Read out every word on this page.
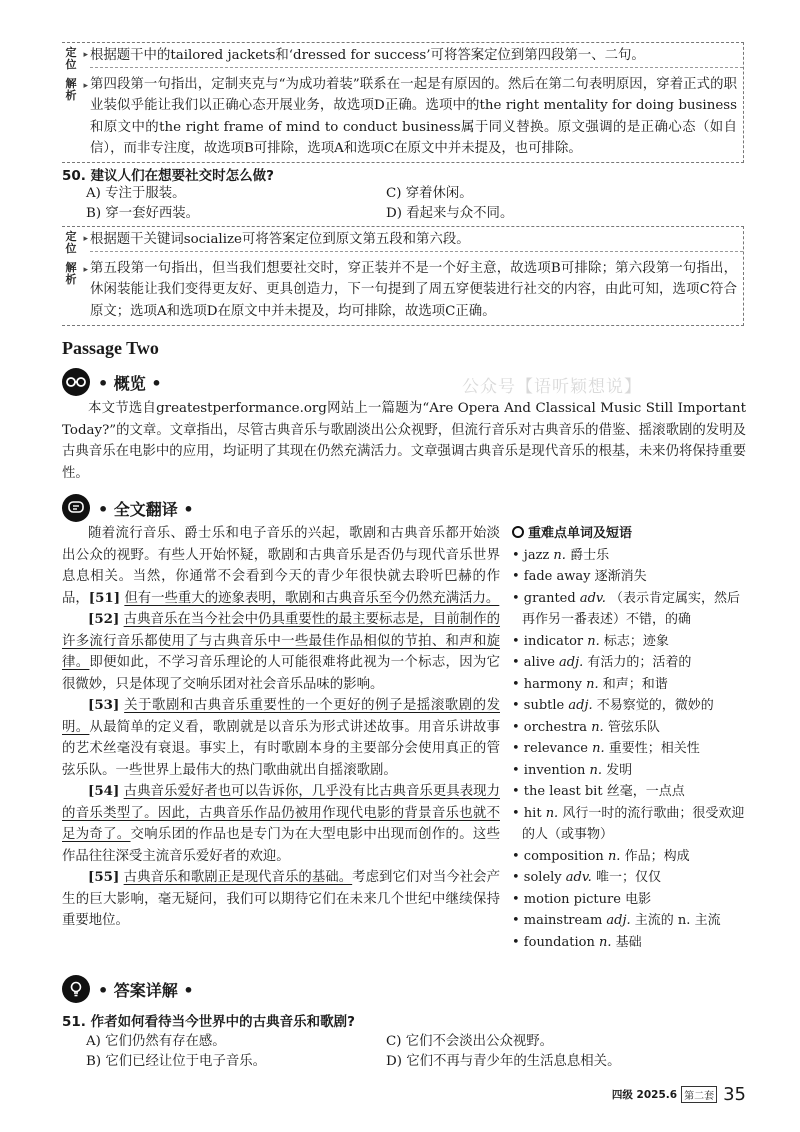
▸ 定位
根据题干中的tailored jackets和‘dressed for success’可将答案定位到第四段第一、二句。
▸ 解析
第四段第一句指出，定制夹克与“为成功着装”联系在一起是有原因的。然后在第二句表明原因，穿着正式的职业装似乎能让我们以正确心态开展业务，故选项D正确。选项中的the right mentality for doing business和原文中的the right frame of mind to conduct business属于同义替换。原文强调的是正确心态（如自信），而非专注度，故选项B可排除，选项A和选项C在原文中并未提及，也可排除。
50. 建议人们在想要社交时怎么做?
A) 专注于服装。	C) 穿着休闲。
B) 穿一套好西装。	D) 看起来与众不同。
▸ 定位
根据题干关键词socialize可将答案定位到原文第五段和第六段。
▸ 解析
第五段第一句指出，但当我们想要社交时，穿正装并不是一个好主意，故选项B可排除；第六段第一句指出，休闲装能让我们变得更友好、更具创造力，下一句提到了周五穿便装进行社交的内容，由此可知，选项C符合原文；选项A和选项D在原文中并未提及，均可排除，故选项C正确。
Passage Two
• 概览 •	公众号【语听颖想说】
本文节选自greatestperformance.org网站上一篇题为“Are Opera And Classical Music Still Important Today?”的文章。文章指出，尽管古典音乐与歌剧淡出公众视野，但流行音乐对古典音乐的借鉴、摇滚歌剧的发明及古典音乐在电影中的应用，均证明了其现在仍然充满活力。文章强调古典音乐是现代音乐的根基，未来仍将保持重要性。
• 全文翻译 •

随着流行音乐、爵士乐和电子音乐的兴起，歌剧和古典音乐都开始淡出公众的视野。有些人开始怀疑，歌剧和古典音乐是否仍与现代音乐世界息息相关。当然，你通常不会看到今天的青少年很快就去聆听巴赫的作品，[51] 但有一些重大的迹象表明，歌剧和古典音乐至今仍然充满活力。

[52] 古典音乐在当今社会中仍具重要性的最主要标志是，目前制作的许多流行音乐都使用了与古典音乐中一些最佳作品相似的节拍、和声和旋律。即便如此，不学习音乐理论的人可能很难将此视为一个标志，因为它很微妙，只是体现了交响乐团对社会音乐品味的影响。

[53] 关于歌剧和古典音乐重要性的一个更好的例子是摇滚歌剧的发明。从最简单的定义看，歌剧就是以音乐为形式讲述故事。用音乐讲故事的艺术丝毫没有衰退。事实上，有时歌剧本身的主要部分会使用真正的管弦乐队。一些世界上最伟大的热门歌曲就出自摇滚歌剧。

[54] 古典音乐爱好者也可以告诉你，几乎没有比古典音乐更具表现力的音乐类型了。因此，古典音乐作品仍被用作现代电影的背景音乐也就不足为奇了。交响乐团的作品也是专门为在大型电影中出现而创作的。这些作品往往深受主流音乐爱好者的欢迎。

[55] 古典音乐和歌剧正是现代音乐的基础。考虑到它们对当今社会产生的巨大影响，毫无疑问，我们可以期待它们在未来几个世纪中继续保持重要地位。

重难点单词及短语
• jazz n. 爵士乐
• fade away 逐渐消失
• granted adv. （表示肯定属实，然后再作另一番表述）不错，的确
• indicator n. 标志；迹象
• alive adj. 有活力的；活着的
• harmony n. 和声；和谐
• subtle adj. 不易察觉的，微妙的
• orchestra n. 管弦乐队
• relevance n. 重要性；相关性
• invention n. 发明
• the least bit 丝毫，一点点
• hit n. 风行一时的流行歌曲；很受欢迎的人（或事物）
• composition n. 作品；构成
• solely adv. 唯一；仅仅
• motion picture 电影
• mainstream adj. 主流的 n. 主流
• foundation n. 基础
• 答案详解 •
51. 作者如何看待当今世界中的古典音乐和歌剧?
A) 它们仍然有存在感。	C) 它们不会淡出公众视野。
B) 它们已经让位于电子音乐。	D) 它们不再与青少年的生活息息相关。
四级 2025.6 第二套 35
